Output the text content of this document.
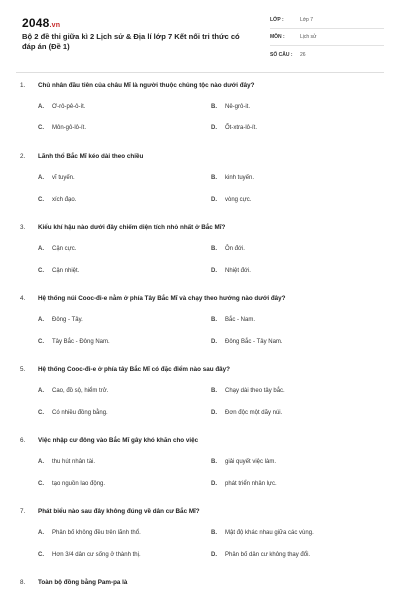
2048.vn
Bộ 2 đề thi giữa kì 2 Lịch sử & Địa lí lớp 7 Kết nối tri thức có đáp án (Đề 1)
LỚP :	Lớp 7
MÔN :	Lịch sử
SỐ CÂU :	26
1. Chủ nhân đầu tiên của châu Mĩ là người thuộc chủng tộc nào dưới đây?
A. Ơ-rô-pê-ô-ít.	B. Nê-grô-it.
C. Môn-gô-lô-ít.	D. Ốt-xtra-lô-ít.
2. Lãnh thổ Bắc Mĩ kéo dài theo chiều
A. vĩ tuyến.	B. kinh tuyến.
C. xích đạo.	D. vòng cực.
3. Kiểu khí hậu nào dưới đây chiếm diện tích nhỏ nhất ở Bắc Mĩ?
A. Cận cực.	B. Ôn đới.
C. Cận nhiệt.	D. Nhiệt đới.
4. Hệ thống núi Cooc-đi-e nằm ở phía Tây Bắc Mĩ và chạy theo hướng nào dưới đây?
A. Đông - Tây.	B. Bắc - Nam.
C. Tây Bắc - Đông Nam.	D. Đông Bắc - Tây Nam.
5. Hệ thống Cooc-đi-e ở phía tây Bắc Mĩ có đặc điểm nào sau đây?
A. Cao, đồ sộ, hiểm trở.	B. Chạy dài theo tây bắc.
C. Có nhiều đồng bằng.	D. Đơn độc một dãy núi.
6. Việc nhập cư đông vào Bắc Mĩ gây khó khăn cho việc
A. thu hút nhân tài.	B. giải quyết việc làm.
C. tạo nguồn lao động.	D. phát triển nhân lực.
7. Phát biểu nào sau đây không đúng về dân cư Bắc Mĩ?
A. Phân bố không đều trên lãnh thổ.	B. Mật độ khác nhau giữa các vùng.
C. Hơn 3/4 dân cư sống ở thành thị.	D. Phân bố dân cư không thay đổi.
8. Toàn bộ đồng bằng Pam-pa là
